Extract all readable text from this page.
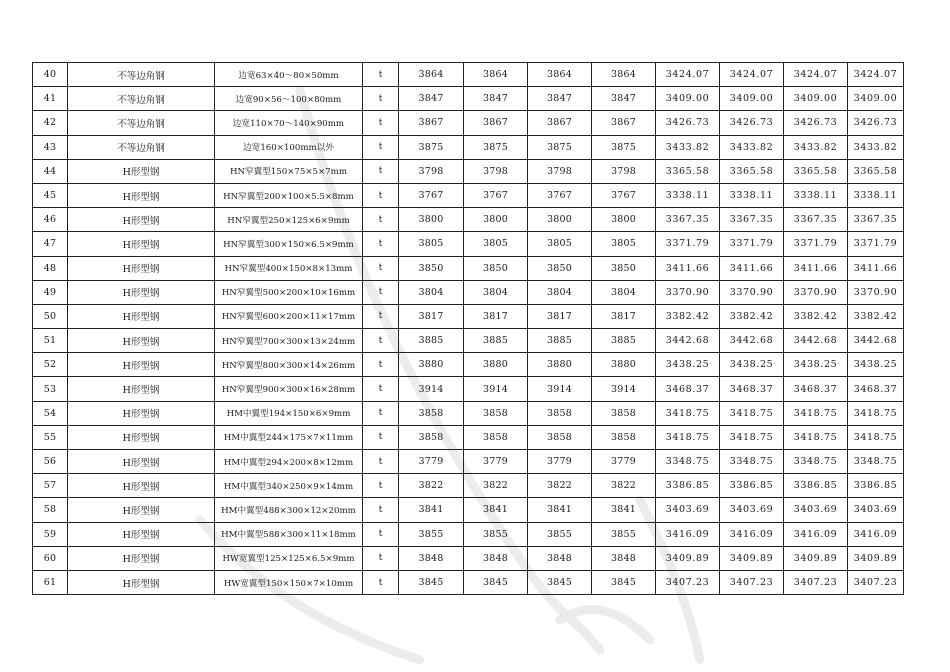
40	不等边角钢	边宽63×40～80×50mm	t	3864	3864	3864	3864	3424.07	3424.07	3424.07	3424.07
41	不等边角钢	边宽90×56～100×80mm	t	3847	3847	3847	3847	3409.00	3409.00	3409.00	3409.00
42	不等边角钢	边宽110×70～140×90mm	t	3867	3867	3867	3867	3426.73	3426.73	3426.73	3426.73
43	不等边角钢	边宽160×100mm以外	t	3875	3875	3875	3875	3433.82	3433.82	3433.82	3433.82
44	H形型钢	HN窄翼型150×75×5×7mm	t	3798	3798	3798	3798	3365.58	3365.58	3365.58	3365.58
45	H形型钢	HN窄翼型200×100×5.5×8mm	t	3767	3767	3767	3767	3338.11	3338.11	3338.11	3338.11
46	H形型钢	HN窄翼型250×125×6×9mm	t	3800	3800	3800	3800	3367.35	3367.35	3367.35	3367.35
47	H形型钢	HN窄翼型300×150×6.5×9mm	t	3805	3805	3805	3805	3371.79	3371.79	3371.79	3371.79
48	H形型钢	HN窄翼型400×150×8×13mm	t	3850	3850	3850	3850	3411.66	3411.66	3411.66	3411.66
49	H形型钢	HN窄翼型500×200×10×16mm	t	3804	3804	3804	3804	3370.90	3370.90	3370.90	3370.90
50	H形型钢	HN窄翼型600×200×11×17mm	t	3817	3817	3817	3817	3382.42	3382.42	3382.42	3382.42
51	H形型钢	HN窄翼型700×300×13×24mm	t	3885	3885	3885	3885	3442.68	3442.68	3442.68	3442.68
52	H形型钢	HN窄翼型800×300×14×26mm	t	3880	3880	3880	3880	3438.25	3438.25	3438.25	3438.25
53	H形型钢	HN窄翼型900×300×16×28mm	t	3914	3914	3914	3914	3468.37	3468.37	3468.37	3468.37
54	H形型钢	HM中翼型194×150×6×9mm	t	3858	3858	3858	3858	3418.75	3418.75	3418.75	3418.75
55	H形型钢	HM中翼型244×175×7×11mm	t	3858	3858	3858	3858	3418.75	3418.75	3418.75	3418.75
56	H形型钢	HM中翼型294×200×8×12mm	t	3779	3779	3779	3779	3348.75	3348.75	3348.75	3348.75
57	H形型钢	HM中翼型340×250×9×14mm	t	3822	3822	3822	3822	3386.85	3386.85	3386.85	3386.85
58	H形型钢	HM中翼型488×300×12×20mm	t	3841	3841	3841	3841	3403.69	3403.69	3403.69	3403.69
59	H形型钢	HM中翼型588×300×11×18mm	t	3855	3855	3855	3855	3416.09	3416.09	3416.09	3416.09
60	H形型钢	HW宽翼型125×125×6.5×9mm	t	3848	3848	3848	3848	3409.89	3409.89	3409.89	3409.89
61	H形型钢	HW宽翼型150×150×7×10mm	t	3845	3845	3845	3845	3407.23	3407.23	3407.23	3407.23
